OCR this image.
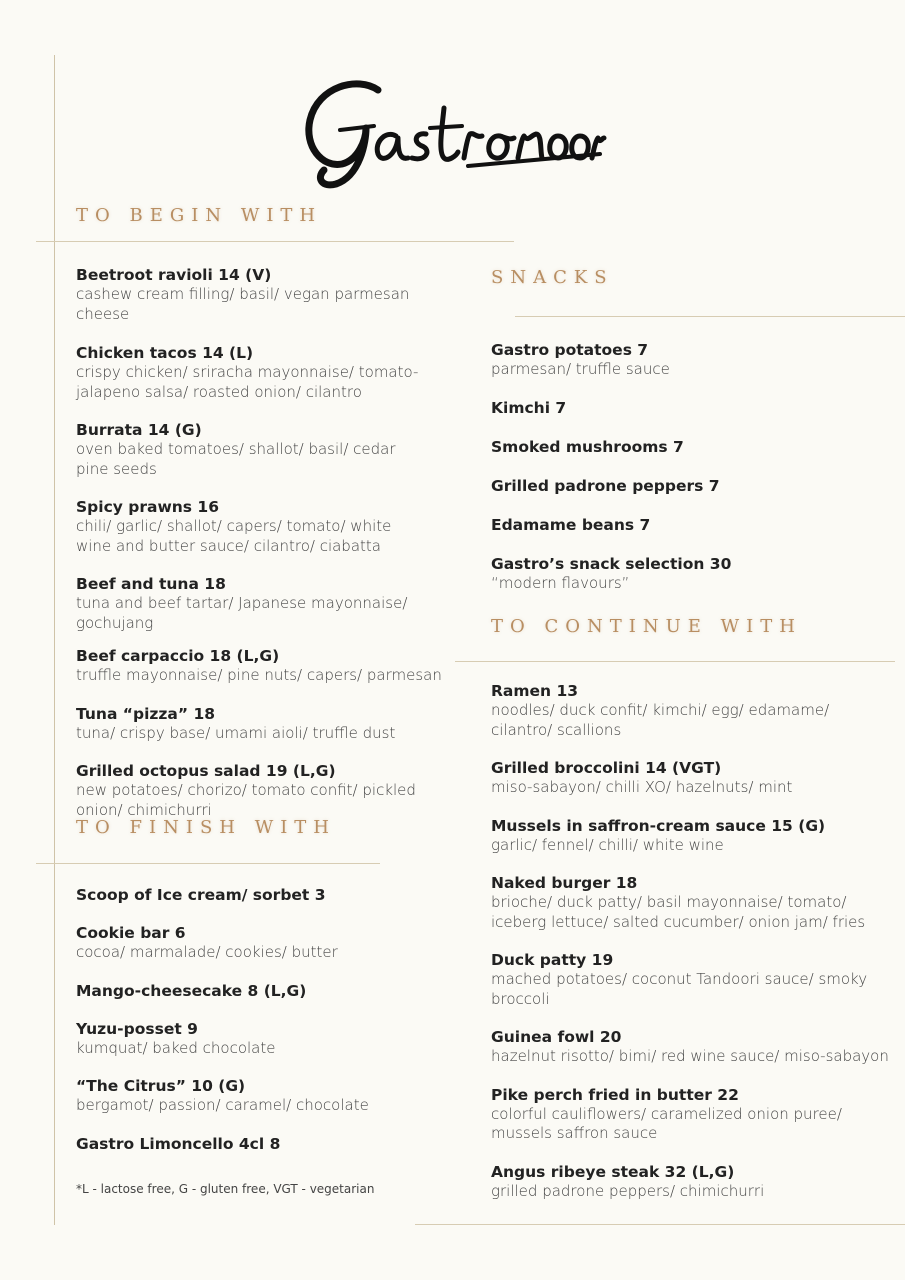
TO BEGIN WITH
Beetroot ravioli 14 (V)
cashew cream filling/ basil/ vegan parmesan cheese
Chicken tacos 14 (L)
crispy chicken/ sriracha mayonnaise/ tomato-jalapeno salsa/ roasted onion/ cilantro
Burrata 14 (G)
oven baked tomatoes/ shallot/ basil/ cedar pine seeds
Spicy prawns 16
chili/ garlic/ shallot/ capers/ tomato/ white wine and butter sauce/ cilantro/ ciabatta
Beef and tuna 18
tuna and beef tartar/ Japanese mayonnaise/ gochujang
Beef carpaccio 18 (L,G)
truffle mayonnaise/ pine nuts/ capers/ parmesan
Tuna “pizza” 18
tuna/ crispy base/ umami aioli/ truffle dust
Grilled octopus salad 19 (L,G)
new potatoes/ chorizo/ tomato confit/ pickled onion/ chimichurri
TO FINISH WITH
Scoop of Ice cream/ sorbet 3
Cookie bar 6
cocoa/ marmalade/ cookies/ butter
Mango-cheesecake 8 (L,G)
Yuzu-posset 9
kumquat/ baked chocolate
“The Citrus” 10 (G)
bergamot/ passion/ caramel/ chocolate
Gastro Limoncello 4cl 8
*L - lactose free, G - gluten free, VGT - vegetarian
SNACKS
Gastro potatoes 7
parmesan/ truffle sauce
Kimchi 7
Smoked mushrooms 7
Grilled padrone peppers 7
Edamame beans 7
Gastro’s snack selection 30
“modern flavours”
TO CONTINUE WITH
Ramen 13
noodles/ duck confit/ kimchi/ egg/ edamame/ cilantro/ scallions
Grilled broccolini 14 (VGT)
miso-sabayon/ chilli XO/ hazelnuts/ mint
Mussels in saffron-cream sauce 15 (G)
garlic/ fennel/ chilli/ white wine
Naked burger 18
brioche/ duck patty/ basil mayonnaise/ tomato/ iceberg lettuce/ salted cucumber/ onion jam/ fries
Duck patty 19
mached potatoes/ coconut Tandoori sauce/ smoky broccoli
Guinea fowl 20
hazelnut risotto/ bimi/ red wine sauce/ miso-sabayon
Pike perch fried in butter 22
colorful cauliflowers/ caramelized onion puree/ mussels saffron sauce
Angus ribeye steak 32 (L,G)
grilled padrone peppers/ chimichurri
